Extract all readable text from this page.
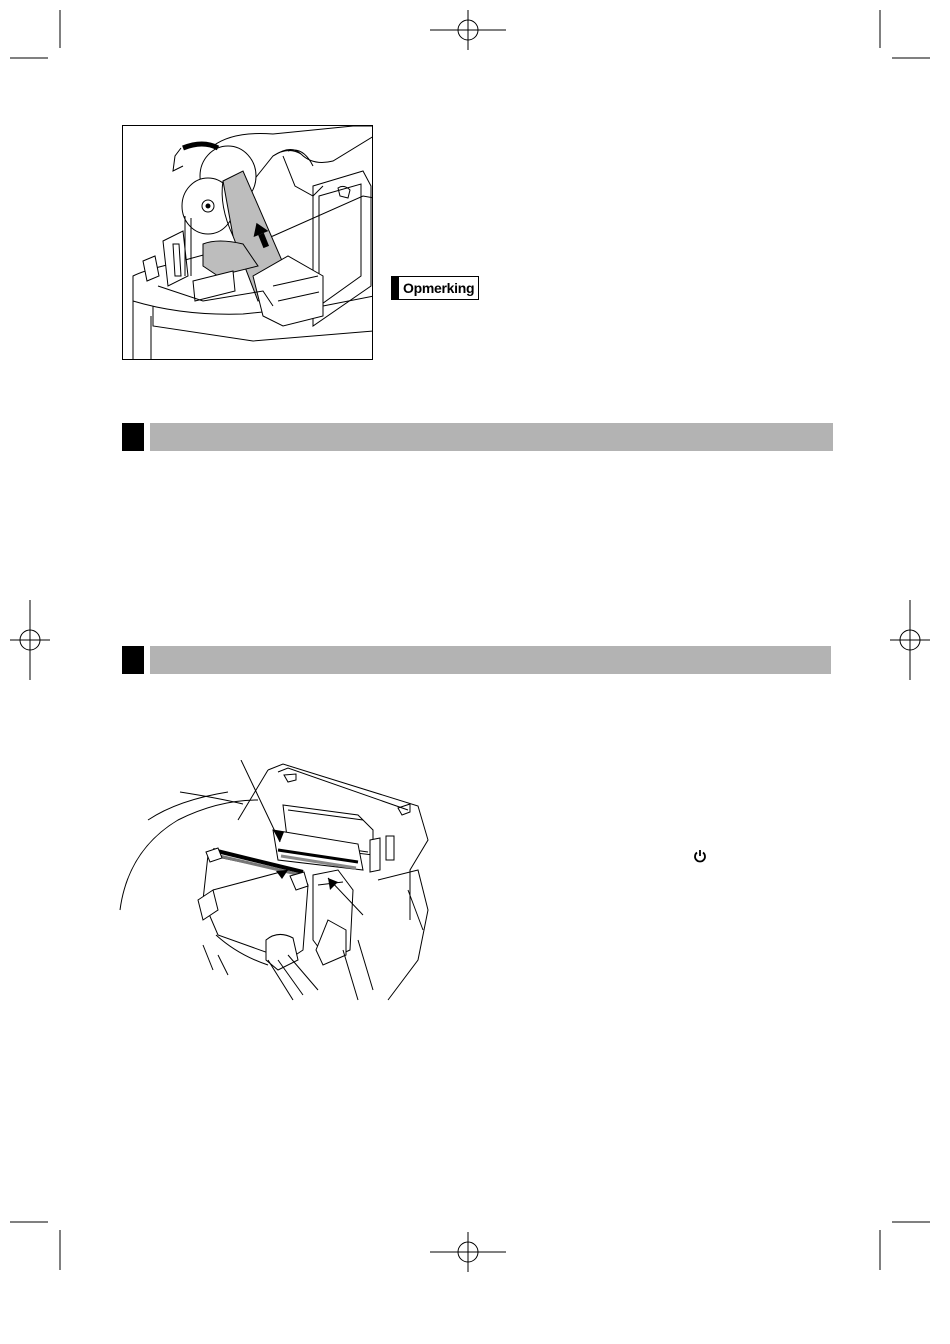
Opmerking
